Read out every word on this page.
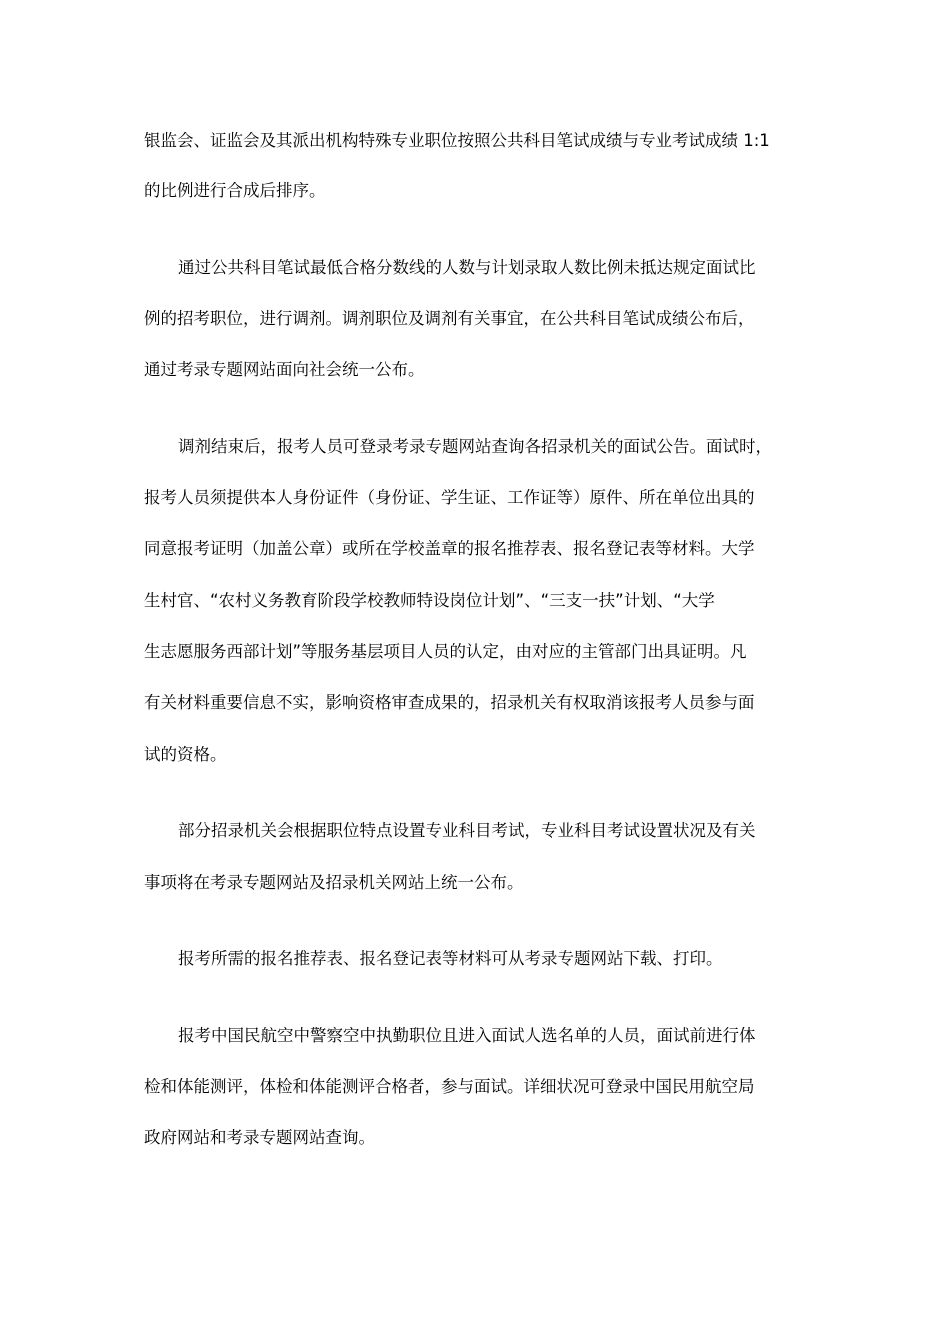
银监会、证监会及其派出机构特殊专业职位按照公共科目笔试成绩与专业考试成绩 1:1
的比例进行合成后排序。
通过公共科目笔试最低合格分数线的人数与计划录取人数比例未抵达规定面试比
例的招考职位，进行调剂。调剂职位及调剂有关事宜，在公共科目笔试成绩公布后，
通过考录专题网站面向社会统一公布。
调剂结束后，报考人员可登录考录专题网站查询各招录机关的面试公告。面试时，
报考人员须提供本人身份证件（身份证、学生证、工作证等）原件、所在单位出具的
同意报考证明（加盖公章）或所在学校盖章的报名推荐表、报名登记表等材料。大学
生村官、“农村义务教育阶段学校教师特设岗位计划”、“三支一扶”计划、“大学
生志愿服务西部计划”等服务基层项目人员的认定，由对应的主管部门出具证明。凡
有关材料重要信息不实，影响资格审查成果的，招录机关有权取消该报考人员参与面
试的资格。
部分招录机关会根据职位特点设置专业科目考试，专业科目考试设置状况及有关
事项将在考录专题网站及招录机关网站上统一公布。
报考所需的报名推荐表、报名登记表等材料可从考录专题网站下载、打印。
报考中国民航空中警察空中执勤职位且进入面试人选名单的人员，面试前进行体
检和体能测评，体检和体能测评合格者，参与面试。详细状况可登录中国民用航空局
政府网站和考录专题网站查询。
